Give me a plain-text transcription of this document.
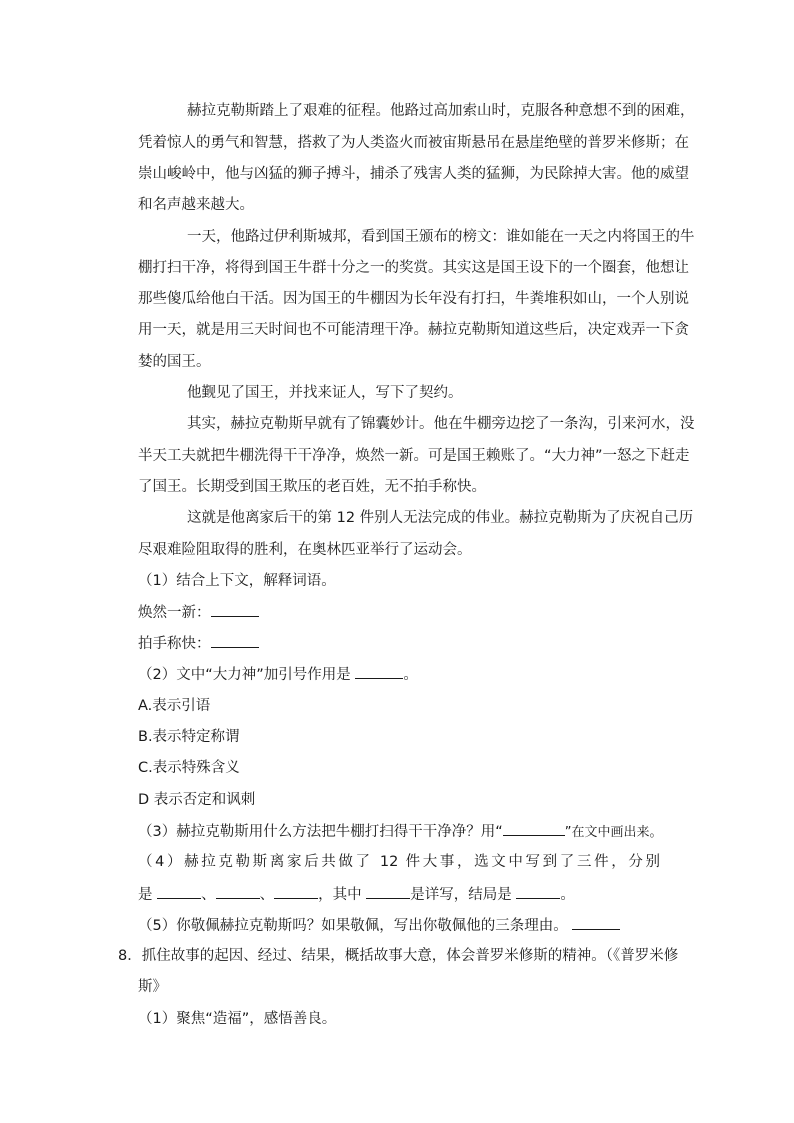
赫拉克勒斯踏上了艰难的征程。他路过高加索山时，克服各种意想不到的困难，
凭着惊人的勇气和智慧，搭救了为人类盗火而被宙斯悬吊在悬崖绝壁的普罗米修斯；在
崇山峻岭中，他与凶猛的狮子搏斗，捕杀了残害人类的猛狮，为民除掉大害。他的威望
和名声越来越大。
一天，他路过伊利斯城邦，看到国王颁布的榜文：谁如能在一天之内将国王的牛
棚打扫干净，将得到国王牛群十分之一的奖赏。其实这是国王设下的一个圈套，他想让
那些傻瓜给他白干活。因为国王的牛棚因为长年没有打扫，牛粪堆积如山，一个人别说
用一天，就是用三天时间也不可能清理干净。赫拉克勒斯知道这些后，决定戏弄一下贪
婪的国王。
他觐见了国王，并找来证人，写下了契约。
其实，赫拉克勒斯早就有了锦囊妙计。他在牛棚旁边挖了一条沟，引来河水，没
半天工夫就把牛棚洗得干干净净，焕然一新。可是国王赖账了。“大力神”一怒之下赶走
了国王。长期受到国王欺压的老百姓，无不拍手称快。
这就是他离家后干的第 12 件别人无法完成的伟业。赫拉克勒斯为了庆祝自己历
尽艰难险阻取得的胜利，在奥林匹亚举行了运动会。
（1）结合上下文，解释词语。
焕然一新：
拍手称快：
（2）文中“大力神”加引号作用是	。
A.表示引语
B.表示特定称谓
C.表示特殊含义
D 表示否定和讽刺
（3）赫拉克勒斯用什么方法把牛棚打扫得干干净净？用“	”在文中画出来。
（4）赫拉克勒斯离家后共做了 12 件大事，选文中写到了三件，分别
是	、	、	，其中	是详写，结局是	。
（5）你敬佩赫拉克勒斯吗？如果敬佩，写出你敬佩他的三条理由。
8．抓住故事的起因、经过、结果，概括故事大意，体会普罗米修斯的精神。（《普罗米修
斯》
（1）聚焦“造福”，感悟善良。
